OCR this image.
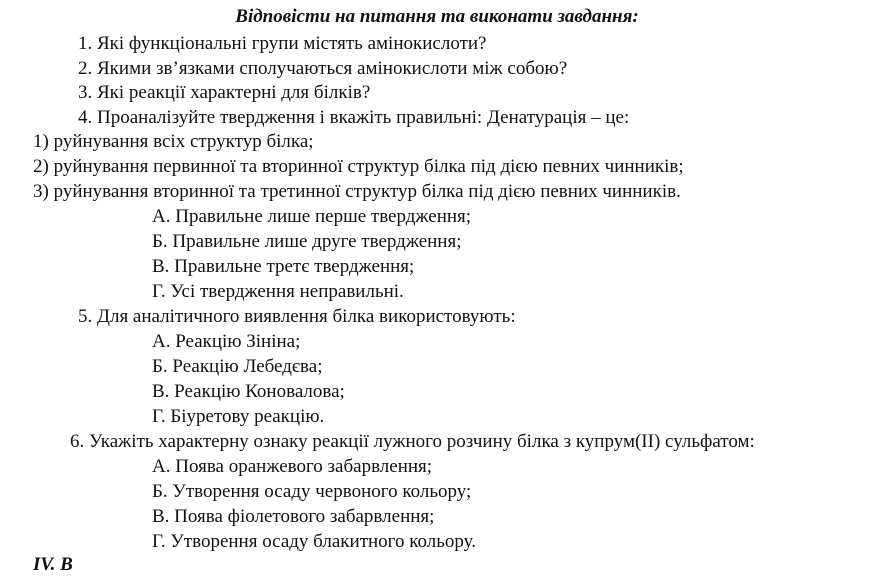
Відповісти на питання та виконати завдання:
1. Які функціональні групи містять амінокислоти?
2. Якими зв’язками сполучаються амінокислоти між собою?
3. Які реакції характерні для білків?
4. Проаналізуйте твердження і вкажіть правильні: Денатурація – це:
1) руйнування всіх структур білка;
2) руйнування первинної та вторинної структур білка під дією певних чинників;
3) руйнування вторинної та третинної структур білка під дією певних чинників.
А. Правильне лише перше твердження;
Б. Правильне лише друге твердження;
В. Правильне третє твердження;
Г. Усі твердження неправильні.
5. Для аналітичного виявлення білка використовують:
А. Реакцію Зініна;
Б. Реакцію Лебедєва;
В. Реакцію Коновалова;
Г. Біуретову реакцію.
6. Укажіть характерну ознаку реакції лужного розчину білка з купрум(II) сульфатом:
А. Поява оранжевого забарвлення;
Б. Утворення осаду червоного кольору;
В. Поява фіолетового забарвлення;
Г. Утворення осаду блакитного кольору.
IV. В
